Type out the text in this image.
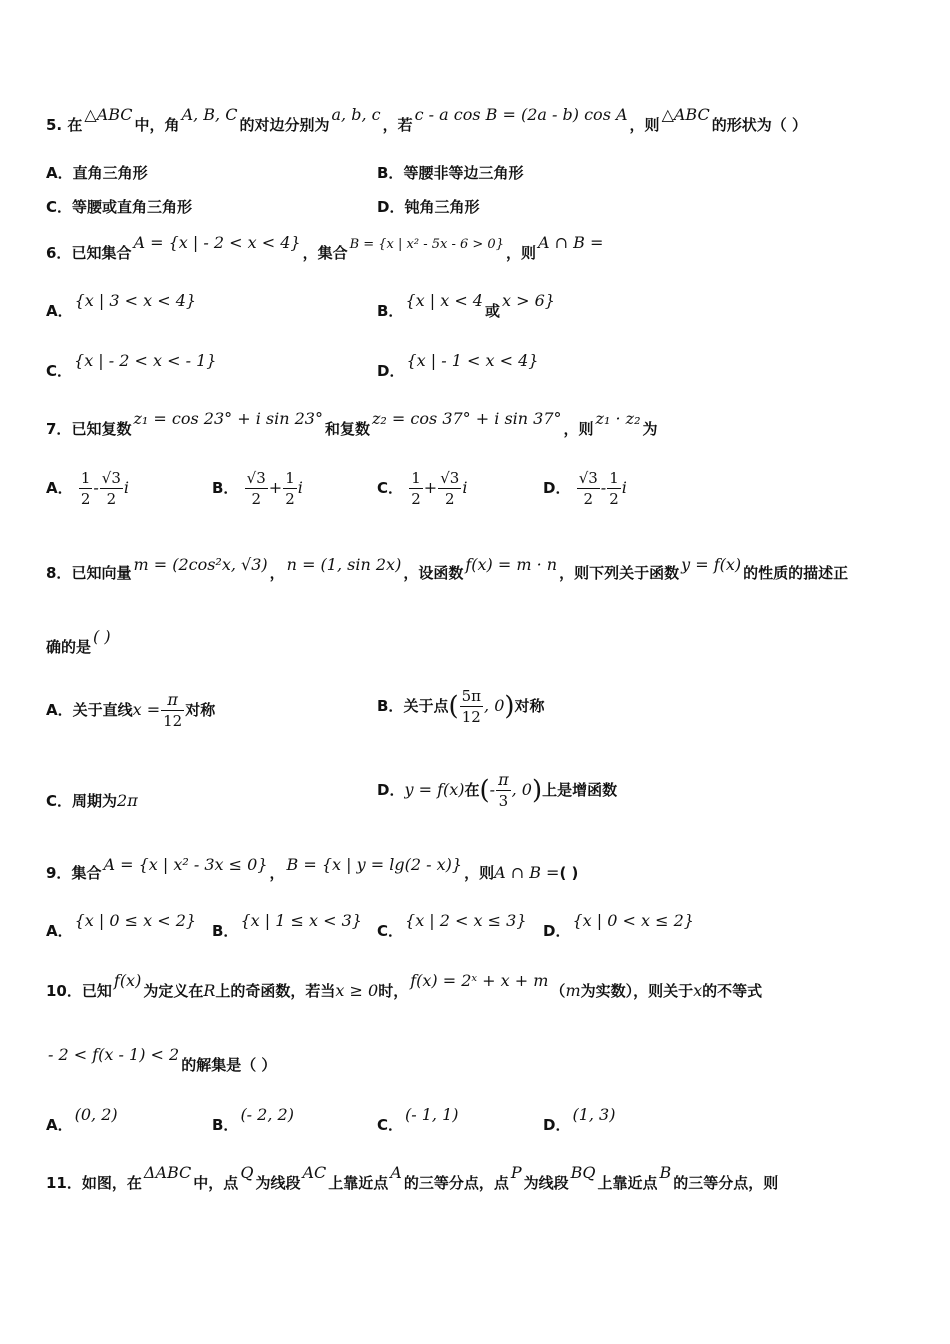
5. 在△ABC中，角A, B, C的对边分别为a, b, c，若c - a cos B = (2a - b) cos A，则△ABC的形状为（ ）
A．直角三角形	B．等腰非等边三角形
C．等腰或直角三角形	D．钝角三角形
6．已知集合A = {x | - 2 < x < 4}，集合 B = {x | x² - 5x - 6 > 0} ，则A ∩ B =
A．{x | 3 < x < 4}
B．{x | x < 4或x > 6}
C．{x | - 2 < x < - 1}
D．{x | - 1 < x < 4}
7．已知复数z₁ = cos 23° + i sin 23°和复数z₂ = cos 37° + i sin 37°，则z₁ · z₂为
A． $\frac{1}{2} - \frac{√3}{2}$ i	B． $\frac{√3}{2} + \frac{1}{2}$ i	C． $\frac{1}{2} + \frac{√3}{2}$ i	D． $\frac{√3}{2} - \frac{1}{2}$ i
8．已知向量 m = (2cos²x, √3) ， n = (1, sin 2x) ，设函数 f(x) = m · n ，则下列关于函数 y = f(x) 的性质的描述正
确的是( )
A．关于直线$x = \frac{\pi}{12}$ 对称	B．关于点( $\frac{5\pi}{12}$ , 0)对称
C．周期为2π
D．y = f(x)在(- $\frac{\pi}{3}$ , 0)上是增函数
9．集合 A = {x | x² - 3x ≤ 0} ， B = {x | y = lg(2 - x)} ，则A ∩ B =( )
A．{x | 0 ≤ x < 2}
B．{x | 1 ≤ x < 3}
C．{x | 2 < x ≤ 3}
D．{x | 0 < x ≤ 2}
10．已知f(x)为定义在R上的奇函数，若当x ≥ 0时，f(x) = 2ˣ + x + m（m为实数），则关于x的不等式
- 2 < f(x - 1) < 2的解集是（ ）
A．(0, 2)
B．(- 2, 2)
C．(- 1, 1)
D．(1, 3)
11．如图，在ΔABC中，点Q为线段AC上靠近点A的三等分点，点P为线段BQ上靠近点B的三等分点，则
